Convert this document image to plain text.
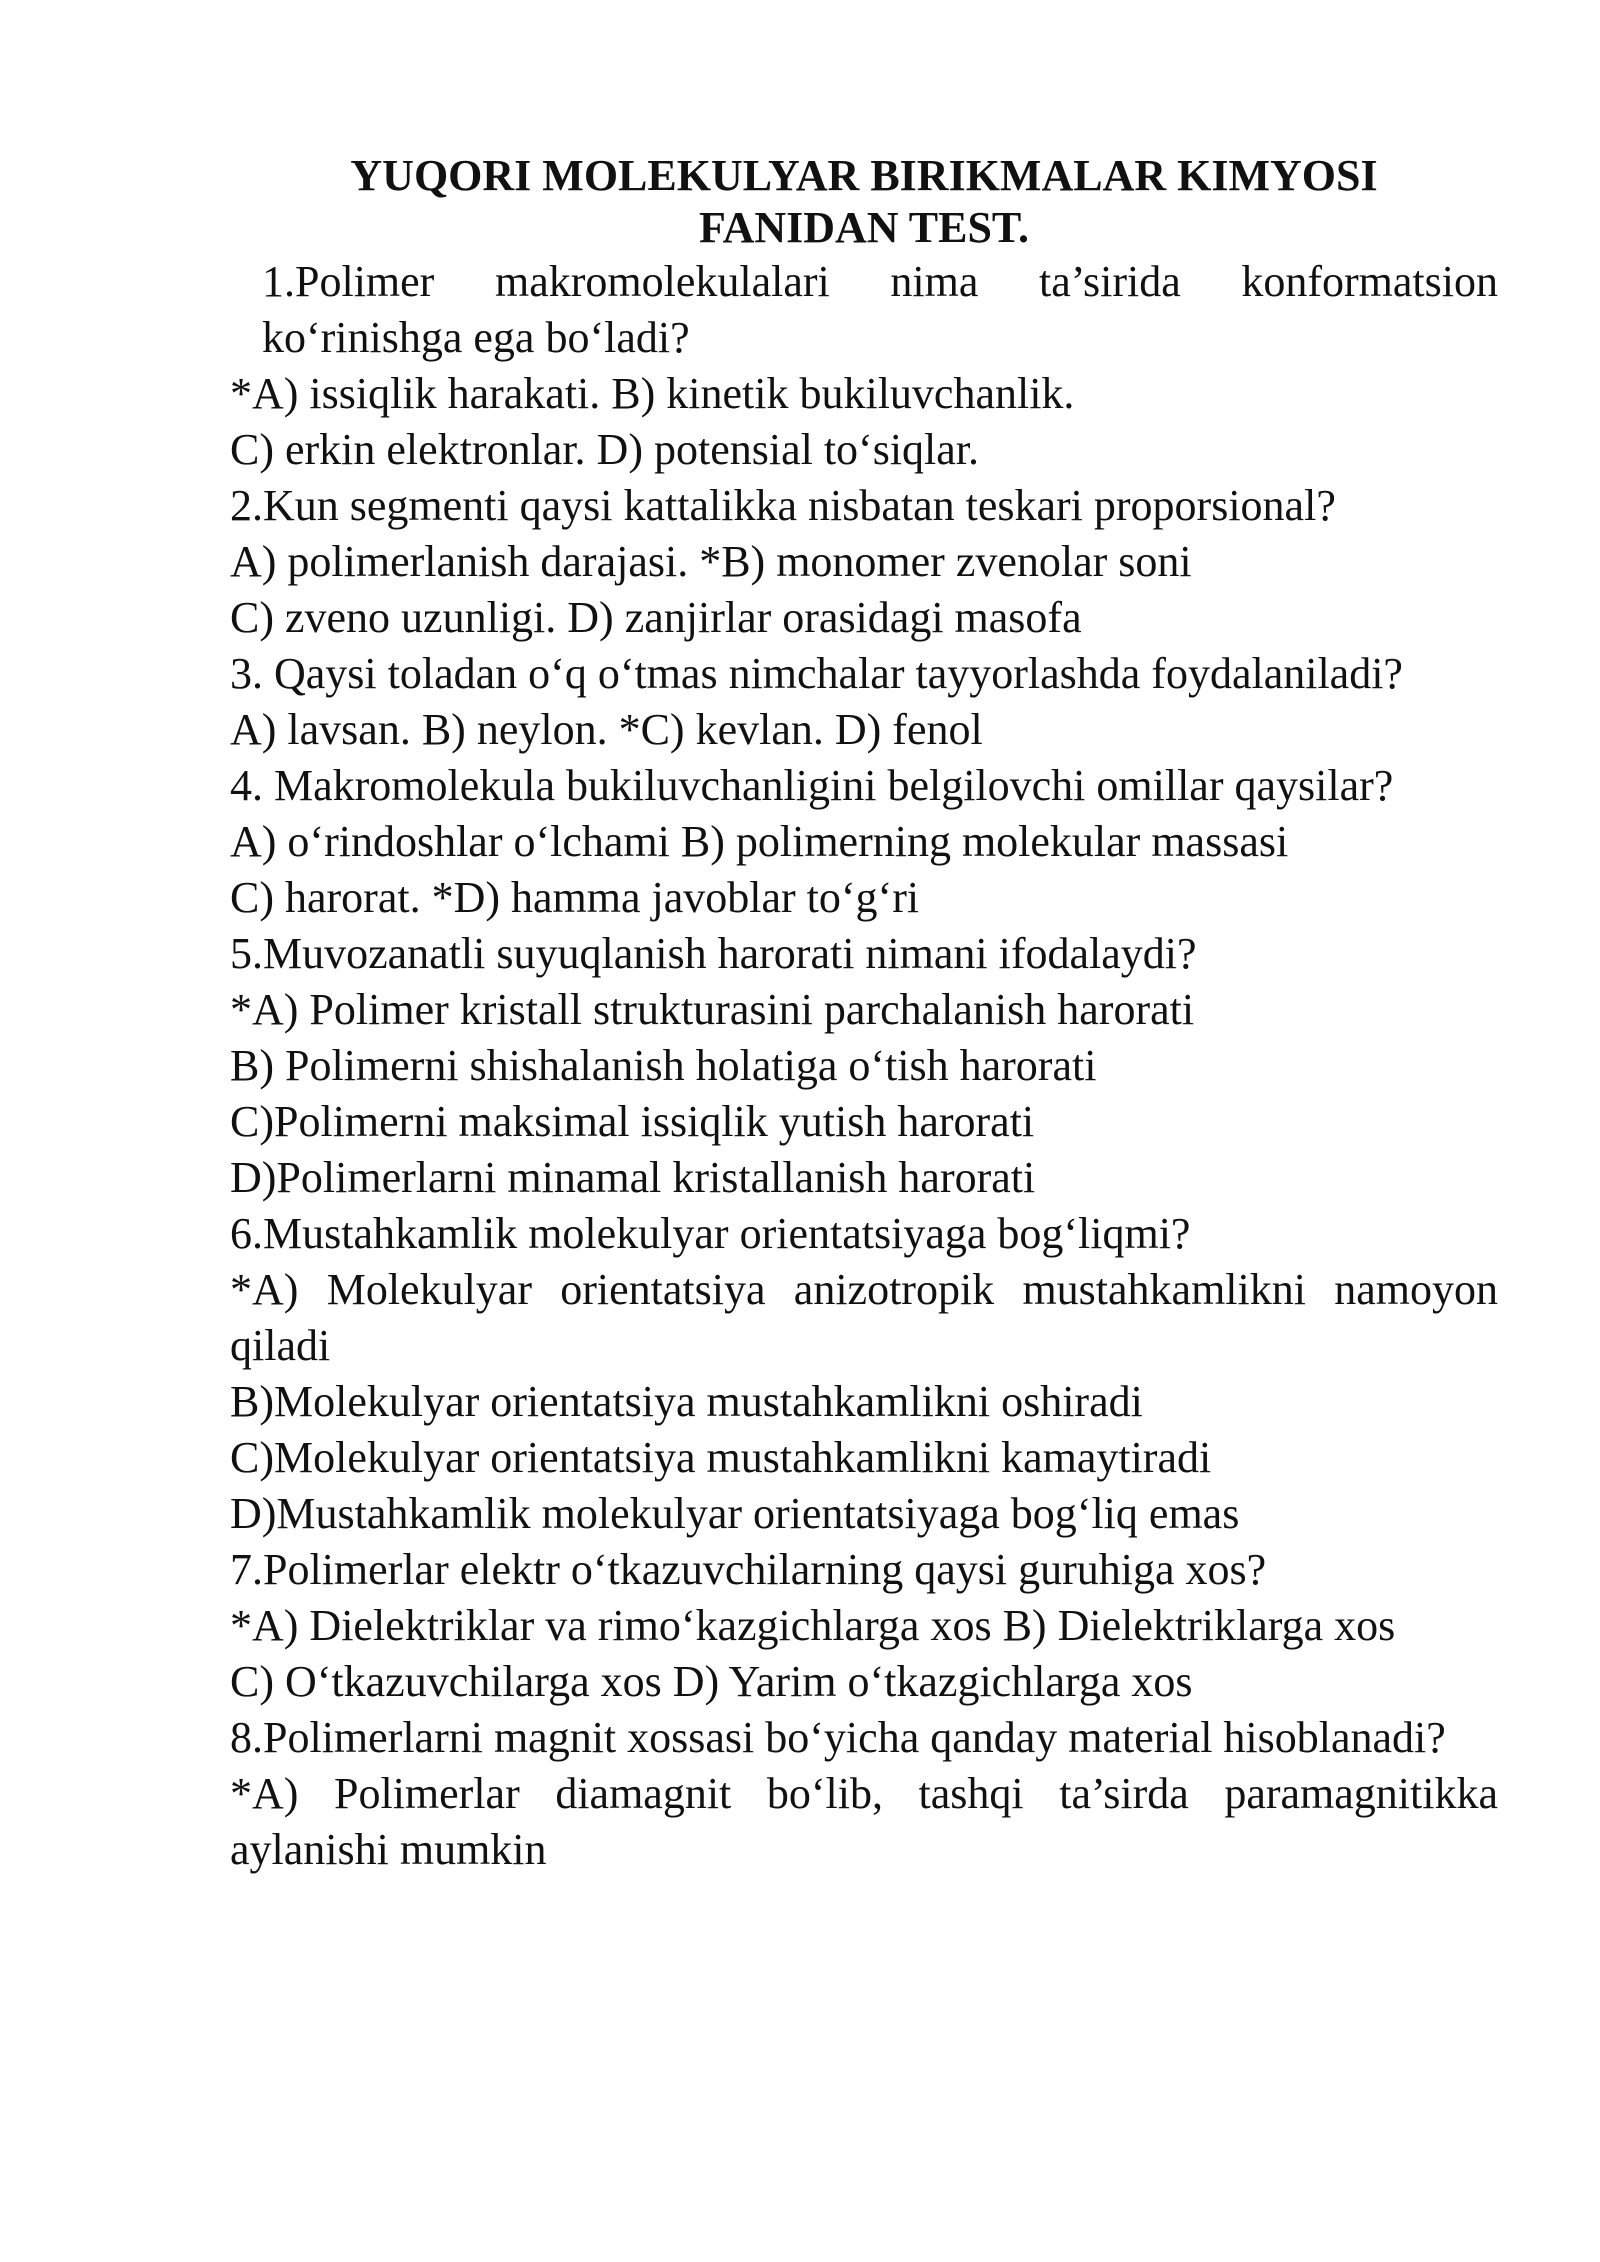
YUQORI MOLEKULYAR BIRIKMALAR KIMYOSI
FANIDAN TEST.

1.Polimer makromolekulalari nima ta’sirida konformatsion ko‘rinishga ega bo‘ladi?

*A) issiqlik harakati. B) kinetik bukiluvchanlik.

C) erkin elektronlar. D) potensial to‘siqlar.

2.Kun segmenti qaysi kattalikka nisbatan teskari proporsional?

A) polimerlanish darajasi. *B) monomer zvenolar soni

C) zveno uzunligi. D) zanjirlar orasidagi masofa

3. Qaysi toladan o‘q o‘tmas nimchalar tayyorlashda foydalaniladi?

A) lavsan. B) neylon. *C) kevlan. D) fenol

4. Makromolekula bukiluvchanligini belgilovchi omillar qaysilar?

A) o‘rindoshlar o‘lchami B) polimerning molekular massasi

C) harorat. *D) hamma javoblar to‘g‘ri

5.Muvozanatli suyuqlanish harorati nimani ifodalaydi?

*A) Polimer kristall strukturasini parchalanish harorati

B) Polimerni shishalanish holatiga o‘tish harorati

C)Polimerni maksimal issiqlik yutish harorati

D)Polimerlarni minamal kristallanish harorati

6.Mustahkamlik molekulyar orientatsiyaga bog‘liqmi?

*A) Molekulyar orientatsiya anizotropik mustahkamlikni namoyon qiladi

B)Molekulyar orientatsiya mustahkamlikni oshiradi

C)Molekulyar orientatsiya mustahkamlikni kamaytiradi

D)Mustahkamlik molekulyar orientatsiyaga bog‘liq emas

7.Polimerlar elektr o‘tkazuvchilarning qaysi guruhiga xos?

*A) Dielektriklar va rimo‘kazgichlarga xos B) Dielektriklarga xos

C) O‘tkazuvchilarga xos D) Yarim o‘tkazgichlarga xos

8.Polimerlarni magnit xossasi bo‘yicha qanday material hisoblanadi?

*A) Polimerlar diamagnit bo‘lib, tashqi ta’sirda paramagnitikka aylanishi mumkin
